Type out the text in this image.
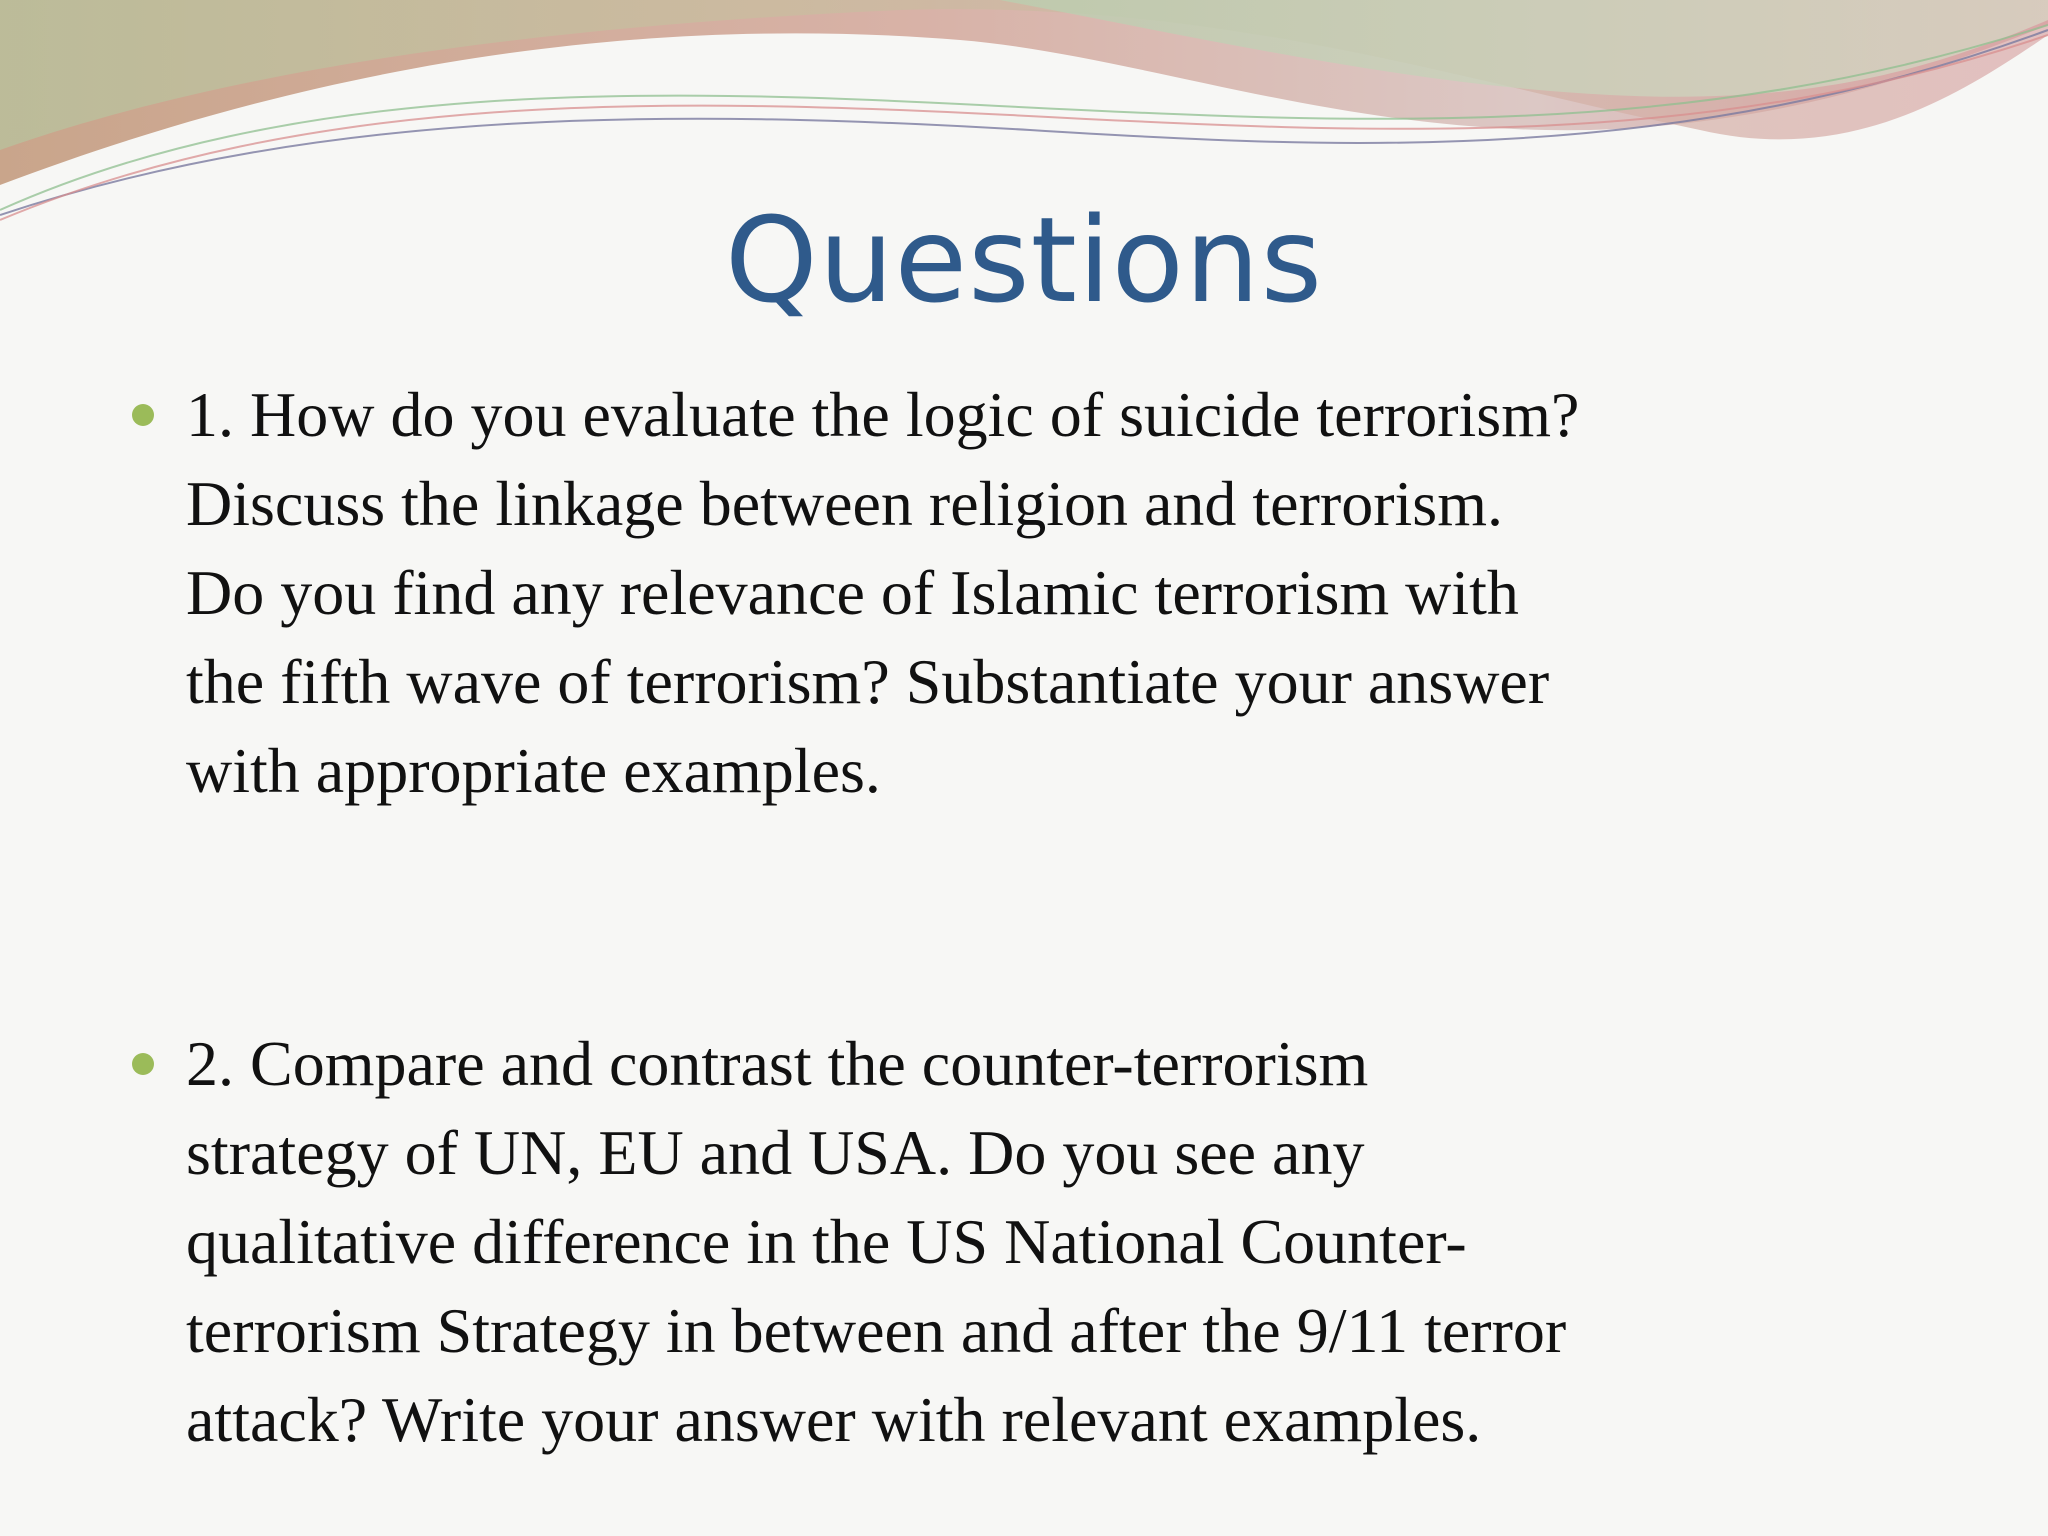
Questions
1. How do you evaluate the logic of suicide terrorism?
Discuss the linkage between religion and terrorism.
Do you find any relevance of Islamic terrorism with
the fifth wave of terrorism? Substantiate your answer
with appropriate examples.
2. Compare and contrast the counter-terrorism
strategy of UN, EU and USA. Do you see any
qualitative difference in the US National Counter-
terrorism Strategy in between and after the 9/11 terror
attack? Write your answer with relevant examples.
